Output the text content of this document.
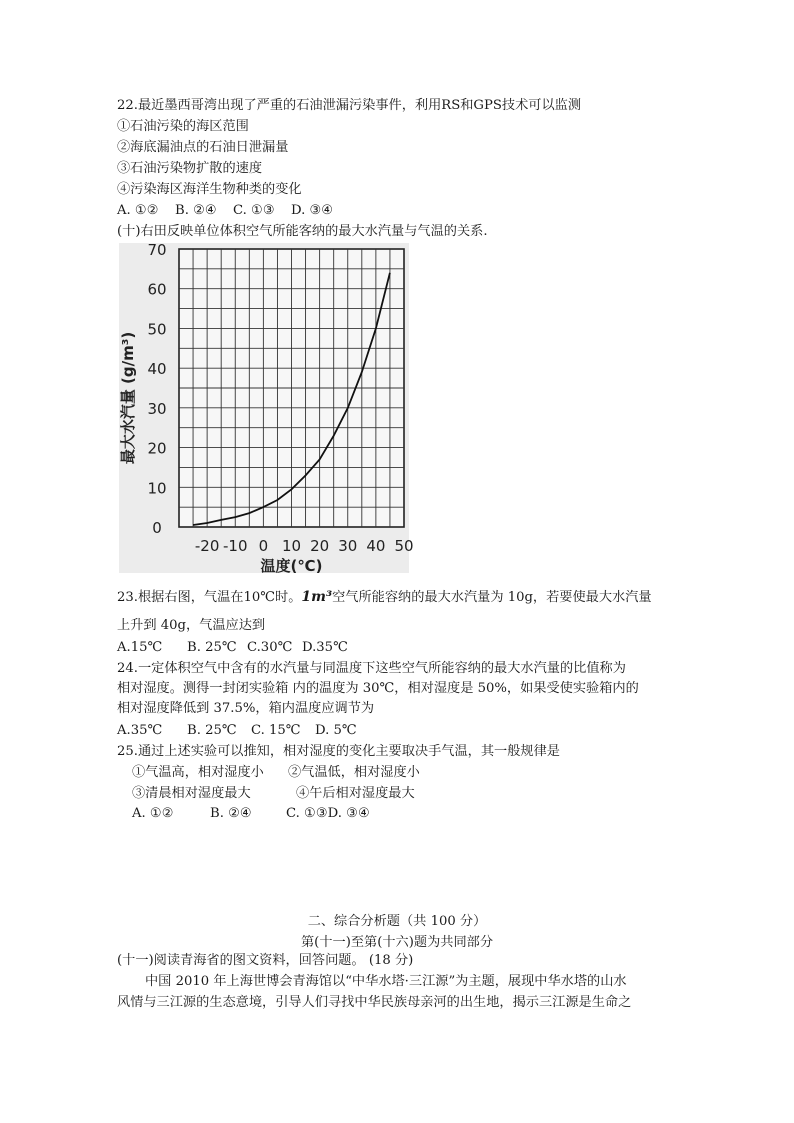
22.最近墨西哥湾出现了严重的石油泄漏污染事件，利用RS和GPS技术可以监测
①石油污染的海区范围
②海底漏油点的石油日泄漏量
③石油污染物扩散的速度
④污染海区海洋生物种类的变化
A. ①② B. ②④ C. ①③ D. ③④
(十)右田反映单位体积空气所能客纳的最大水汽量与气温的关系.
0
10
20
30
40
50
60
70
-20 -10 0 10 20 30 40 50
温度(℃)
最大水汽量 (g/m³)
23.根据右图，气温在10℃时。1m³空气所能容纳的最大水汽量为 10g，若要使最大水汽量
上升到 40g，气温应达到
A.15℃ B. 25℃ C.30℃ D.35℃
24.一定体积空气中含有的水汽量与同温度下这些空气所能容纳的最大水汽量的比值称为
相对湿度。测得一封闭实验箱 内的温度为 30℃，相对湿度是 50%，如果受使实验箱内的
相对湿度降低到 37.5%，箱内温度应调节为
A.35℃ B. 25℃ C. 15℃ D. 5℃
25.通过上述实验可以推知，相对湿度的变化主要取决手气温，其一般规律是
①气温高，相对湿度小 ②气温低，相对湿度小
③清晨相对湿度最大	④午后相对湿度最大
A. ①②	B. ②④	C. ①③D. ③④
二、综合分析题（共 100 分）
第(十一)至第(十六)题为共同部分
(十一)阅读青海省的图文资料，回答问题。 (18 分)
中国 2010 年上海世博会青海馆以“中华水塔·三江源”为主题，展现中华水塔的山水
风情与三江源的生态意境，引导人们寻找中华民族母亲河的出生地，揭示三江源是生命之
